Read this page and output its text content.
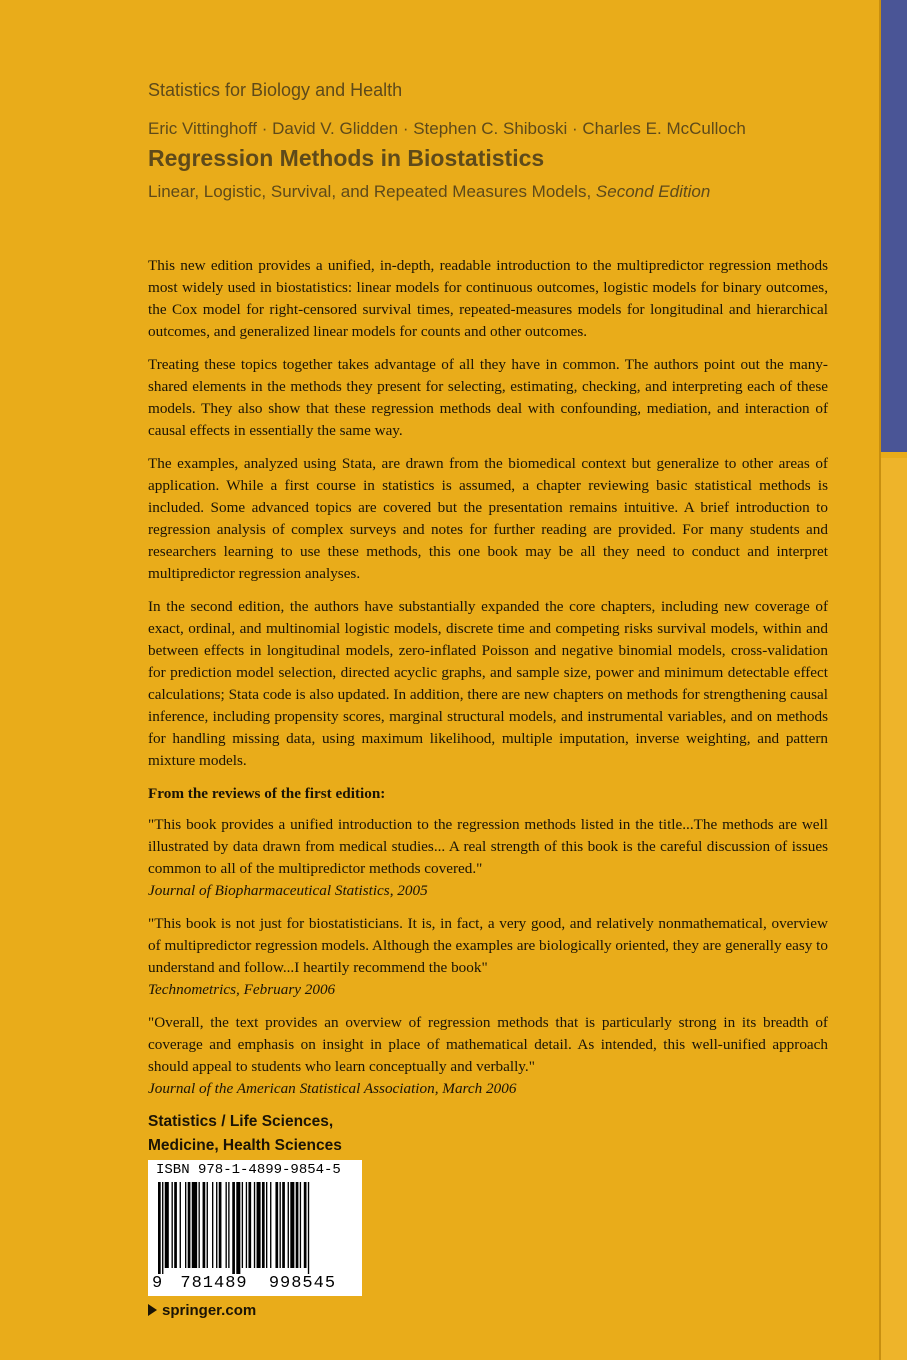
Statistics for Biology and Health
Eric Vittinghoff · David V. Glidden · Stephen C. Shiboski · Charles E. McCulloch
Regression Methods in Biostatistics
Linear, Logistic, Survival, and Repeated Measures Models, Second Edition

This new edition provides a unified, in-depth, readable introduction to the multipredictor regression methods most widely used in biostatistics: linear models for continuous outcomes, logistic models for binary outcomes, the Cox model for right-censored survival times, repeated-measures models for longitudinal and hierarchical outcomes, and generalized linear models for counts and other outcomes.

Treating these topics together takes advantage of all they have in common. The authors point out the many-shared elements in the methods they present for selecting, estimating, checking, and interpreting each of these models. They also show that these regression methods deal with confounding, mediation, and interaction of causal effects in essentially the same way.

The examples, analyzed using Stata, are drawn from the biomedical context but generalize to other areas of application. While a first course in statistics is assumed, a chapter reviewing basic statistical methods is included. Some advanced topics are covered but the presentation remains intuitive. A brief introduction to regression analysis of complex surveys and notes for further reading are provided. For many students and researchers learning to use these methods, this one book may be all they need to conduct and interpret multipredictor regression analyses.

In the second edition, the authors have substantially expanded the core chapters, including new coverage of exact, ordinal, and multinomial logistic models, discrete time and competing risks survival models, within and between effects in longitudinal models, zero-inflated Poisson and negative binomial models, cross-validation for prediction model selection, directed acyclic graphs, and sample size, power and minimum detectable effect calculations; Stata code is also updated. In addition, there are new chapters on methods for strengthening causal inference, including propensity scores, marginal structural models, and instrumental variables, and on methods for handling missing data, using maximum likelihood, multiple imputation, inverse weighting, and pattern mixture models.

From the reviews of the first edition:

"This book provides a unified introduction to the regression methods listed in the title...The methods are well illustrated by data drawn from medical studies... A real strength of this book is the careful discussion of issues common to all of the multipredictor methods covered."
Journal of Biopharmaceutical Statistics, 2005

"This book is not just for biostatisticians. It is, in fact, a very good, and relatively nonmathematical, overview of multipredictor regression models. Although the examples are biologically oriented, they are generally easy to understand and follow...I heartily recommend the book"
Technometrics, February 2006

"Overall, the text provides an overview of regression methods that is particularly strong in its breadth of coverage and emphasis on insight in place of mathematical detail. As intended, this well-unified approach should appeal to students who learn conceptually and verbally."
Journal of the American Statistical Association, March 2006

Statistics / Life Sciences,
Medicine, Health Sciences
ISBN 978-1-4899-9854-5
9 781489 998545
springer.com
